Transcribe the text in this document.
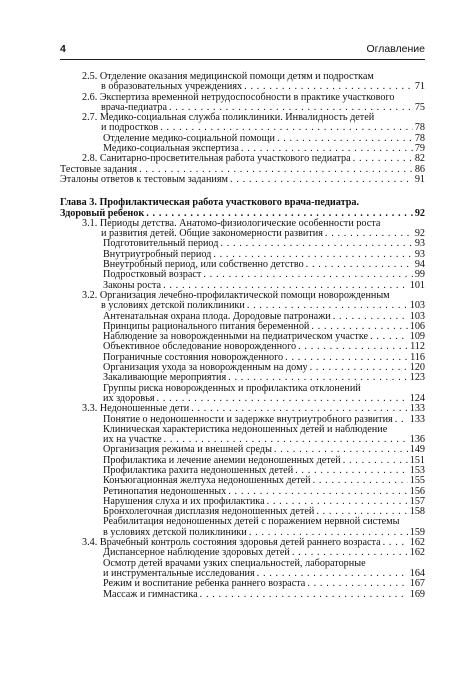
4	Оглавление
2.5. Отделение оказания медицинской помощи детям и подросткам
в образовательных учреждениях . . .	71
2.6. Экспертиза временной нетрудоспособности в практике участкового
врача-педиатра . . .	75
2.7. Медико-социальная служба поликлиники. Инвалидность детей
и подростков . . .	78
Отделение медико-социальной помощи . . .	78
Медико-социальная экспертиза . . .	79
2.8. Санитарно-просветительная работа участкового педиатра . . .	82
Тестовые задания . . .	86
Эталоны ответов к тестовым заданиям . . .	91
Глава 3. Профилактическая работа участкового врача-педиатра.
Здоровый ребенок . . .	92
3.1. Периоды детства. Анатомо-физиологические особенности роста
и развития детей. Общие закономерности развития . . .	92
Подготовительный период . . .	93
Внутриутробный период . . .	93
Внеутробный период, или собственно детство . . .	94
Подростковый возраст . . .	99
Законы роста . . .	101
3.2. Организация лечебно-профилактической помощи новорожденным
в условиях детской поликлиники . . .	103
Антенатальная охрана плода. Дородовые патронажи . . .	103
Принципы рационального питания беременной . . .	106
Наблюдение за новорожденными на педиатрическом участке . . .	109
Объективное обследование новорожденного . . .	112
Пограничные состояния новорожденного . . .	116
Организация ухода за новорожденным на дому . . .	120
Закаливающие мероприятия . . .	123
Группы риска новорожденных и профилактика отклонений
их здоровья . . .	124
3.3. Недоношенные дети . . .	133
Понятие о недоношенности и задержке внутриутробного развития . . . 133
Клиническая характеристика недоношенных детей и наблюдение
их на участке . . .	136
Организация режима и внешней среды . . .	149
Профилактика и лечение анемии недоношенных детей . . .	151
Профилактика рахита недоношенных детей . . .	153
Конъюгационная желтуха недоношенных детей . . .	155
Ретинопатия недоношенных . . .	156
Нарушения слуха и их профилактика . . .	157
Бронхолегочная дисплазия недоношенных детей . . .	158
Реабилитация недоношенных детей с поражением нервной системы
в условиях детской поликлиники . . .	159
3.4. Врачебный контроль состояния здоровья детей раннего возраста . . .	162
Диспансерное наблюдение здоровых детей . . .	162
Осмотр детей врачами узких специальностей, лабораторные
и инструментальные исследования . . .	164
Режим и воспитание ребенка раннего возраста . . .	167
Массаж и гимнастика . . .	169
